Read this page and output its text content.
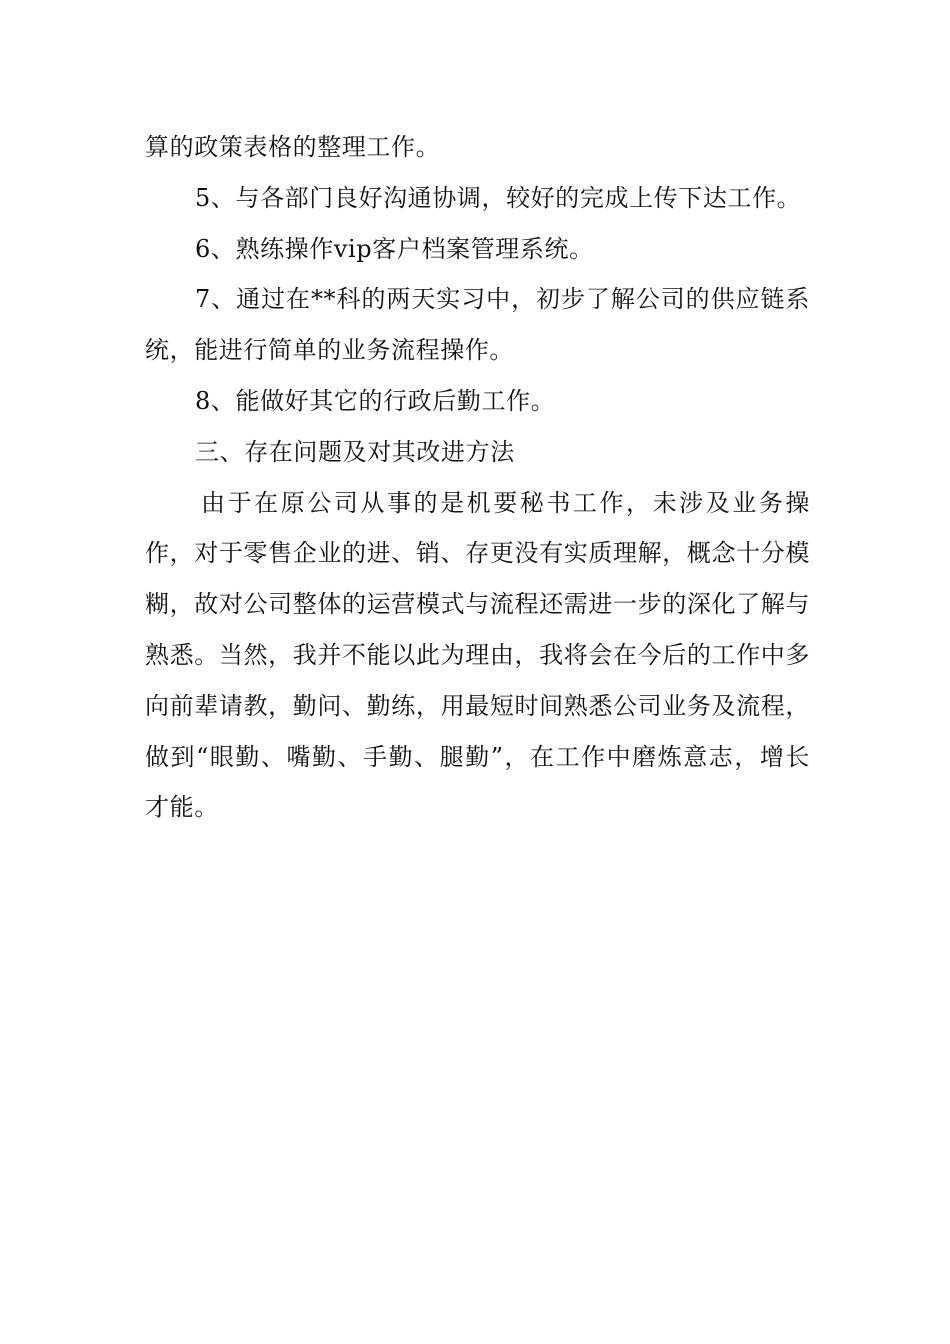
算的政策表格的整理工作。

5、与各部门良好沟通协调，较好的完成上传下达工作。

6、熟练操作vip客户档案管理系统。

7、通过在**科的两天实习中，初步了解公司的供应链系统，能进行简单的业务流程操作。

8、能做好其它的行政后勤工作。

三、存在问题及对其改进方法

由于在原公司从事的是机要秘书工作，未涉及业务操作，对于零售企业的进、销、存更没有实质理解，概念十分模糊，故对公司整体的运营模式与流程还需进一步的深化了解与熟悉。当然，我并不能以此为理由，我将会在今后的工作中多向前辈请教，勤问、勤练，用最短时间熟悉公司业务及流程，做到“眼勤、嘴勤、手勤、腿勤”，在工作中磨炼意志，增长才能。
